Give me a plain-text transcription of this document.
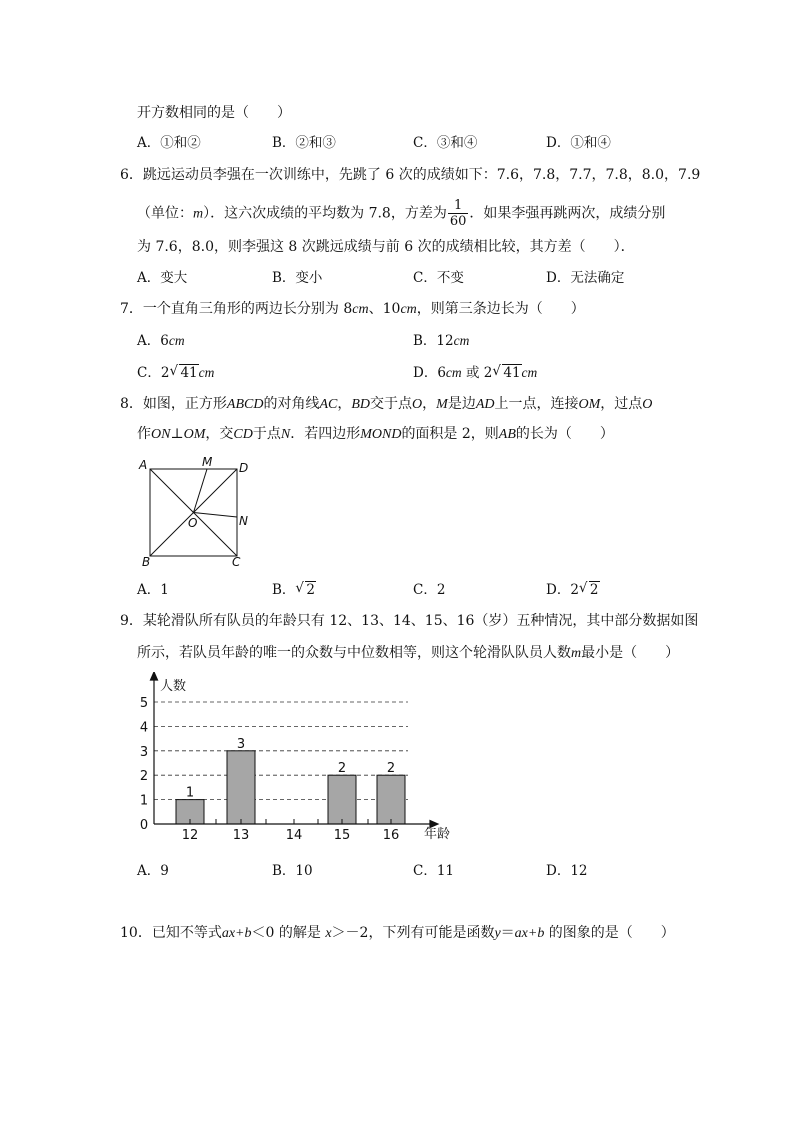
开方数相同的是（　　）
A．①和②	B．②和③	C．③和④	D．①和④
6．跳远运动员李强在一次训练中，先跳了 6 次的成绩如下：7.6，7.8，7.7，7.8，8.0，7.9
（单位：m）．这六次成绩的平均数为 7.8，方差为 $\frac{1}{60}$ ．如果李强再跳两次，成绩分别
为 7.6，8.0，则李强这 8 次跳远成绩与前 6 次的成绩相比较，其方差（　　）．
A．变大	B．变小	C．不变	D．无法确定
7．一个直角三角形的两边长分别为 8cm、10cm，则第三条边长为（　　）
A．6cm	B．12cm
C．2 √ 41cm	D．6cm 或 2 √ 41cm
8．如图，正方形ABCD的对角线AC，BD交于点O，M是边AD上一点，连接OM，过点O
作ON⊥OM，交CD于点N．若四边形MOND的面积是 2，则AB的长为（　　）
A	M D
O	N
B	C
A．1	B． √ 2	C．2	D．2 √ 2
9．某轮滑队所有队员的年龄只有 12、13、14、15、16（岁）五种情况，其中部分数据如图
所示，若队员年龄的唯一的众数与中位数相等，则这个轮滑队队员人数m最小是（　　）
0
1
2
3
4
5
人数
12
1
13
3
14 15
2
16
2
年龄
A．9	B．10	C．11	D．12
10．已知不等式ax+b＜0 的解是 x＞－2，下列有可能是函数y＝ax+b 的图象的是（　　）
